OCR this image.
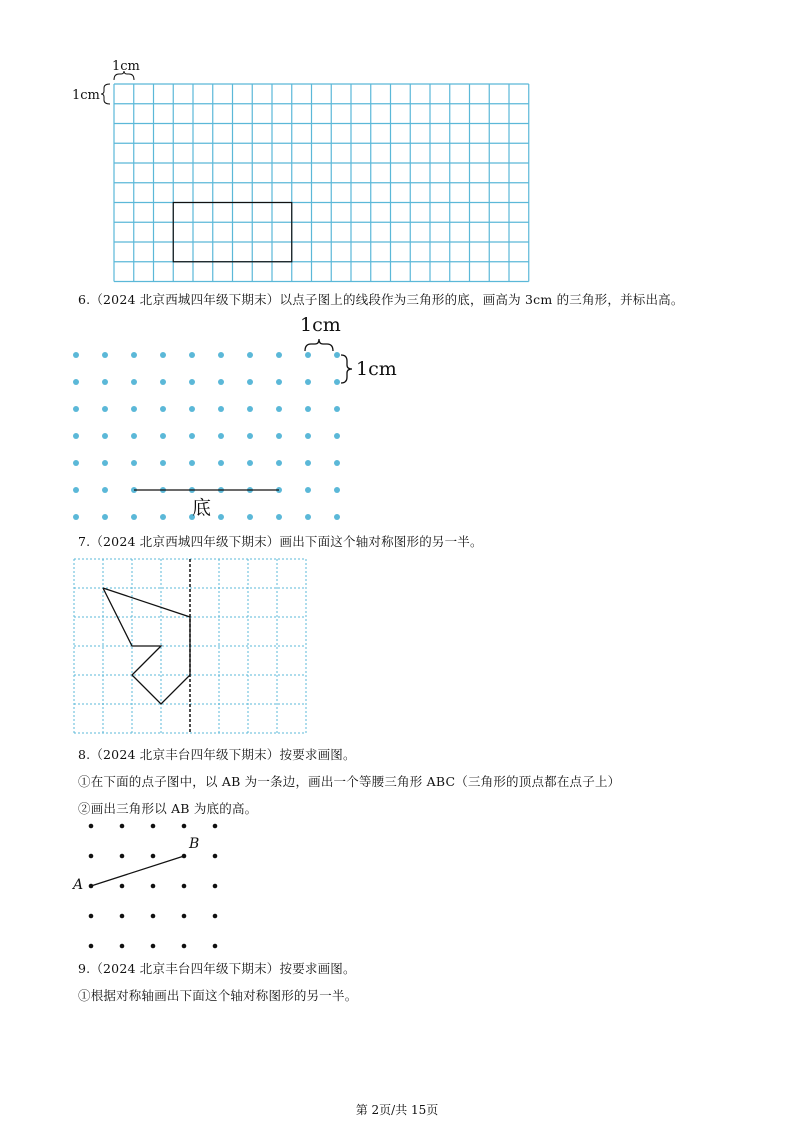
1cm
1cm
6.（2024 北京西城四年级下期末）以点子图上的线段作为三角形的底，画高为 3cm 的三角形，并标出高。
1cm
1cm
底
7.（2024 北京西城四年级下期末）画出下面这个轴对称图形的另一半。
8.（2024 北京丰台四年级下期末）按要求画图。
①在下面的点子图中，以 AB 为一条边，画出一个等腰三角形 ABC（三角形的顶点都在点子上）
②画出三角形以 AB 为底的高。
A
B
9.（2024 北京丰台四年级下期末）按要求画图。
①根据对称轴画出下面这个轴对称图形的另一半。
第 2页/共 15页
